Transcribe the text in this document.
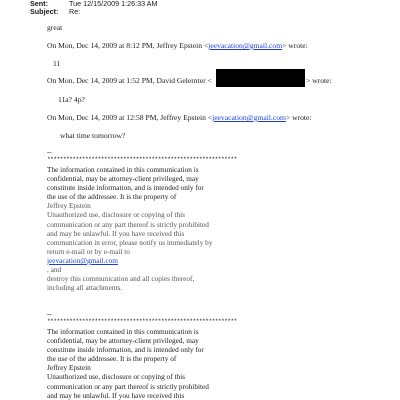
Sent:	Tue 12/15/2009 1:26:33 AM
Subject: Re:
great
On Mon, Dec 14, 2009 at 8:12 PM, Jeffrey Epstein <jeevacation@gmail.com> wrote:
11
On Mon, Dec 14, 2009 at 1:52 PM, David Gelernter <	> wrote:
11a? 4p?
On Mon, Dec 14, 2009 at 12:58 PM, Jeffrey Epstein <jeevacation@gmail.com> wrote:
what time tomorrow?
--
************************************************************
The information contained in this communication is
confidential, may be attorney-client privileged, may
constitute inside information, and is intended only for
the use of the addressee. It is the property of
Jeffrey Epstein
Unauthorized use, disclosure or copying of this
communication or any part thereof is strictly prohibited
and may be unlawful. If you have received this
communication in error, please notify us immediately by
return e-mail or by e-mail to
jeevacation@gmail.com
, and
destroy this communication and all copies thereof,
including all attachments.
--
************************************************************
The information contained in this communication is
confidential, may be attorney-client privileged, may
constitute inside information, and is intended only for
the use of the addressee. It is the property of
Jeffrey Epstein
Unauthorized use, disclosure or copying of this
communication or any part thereof is strictly prohibited
and may be unlawful. If you have received this
